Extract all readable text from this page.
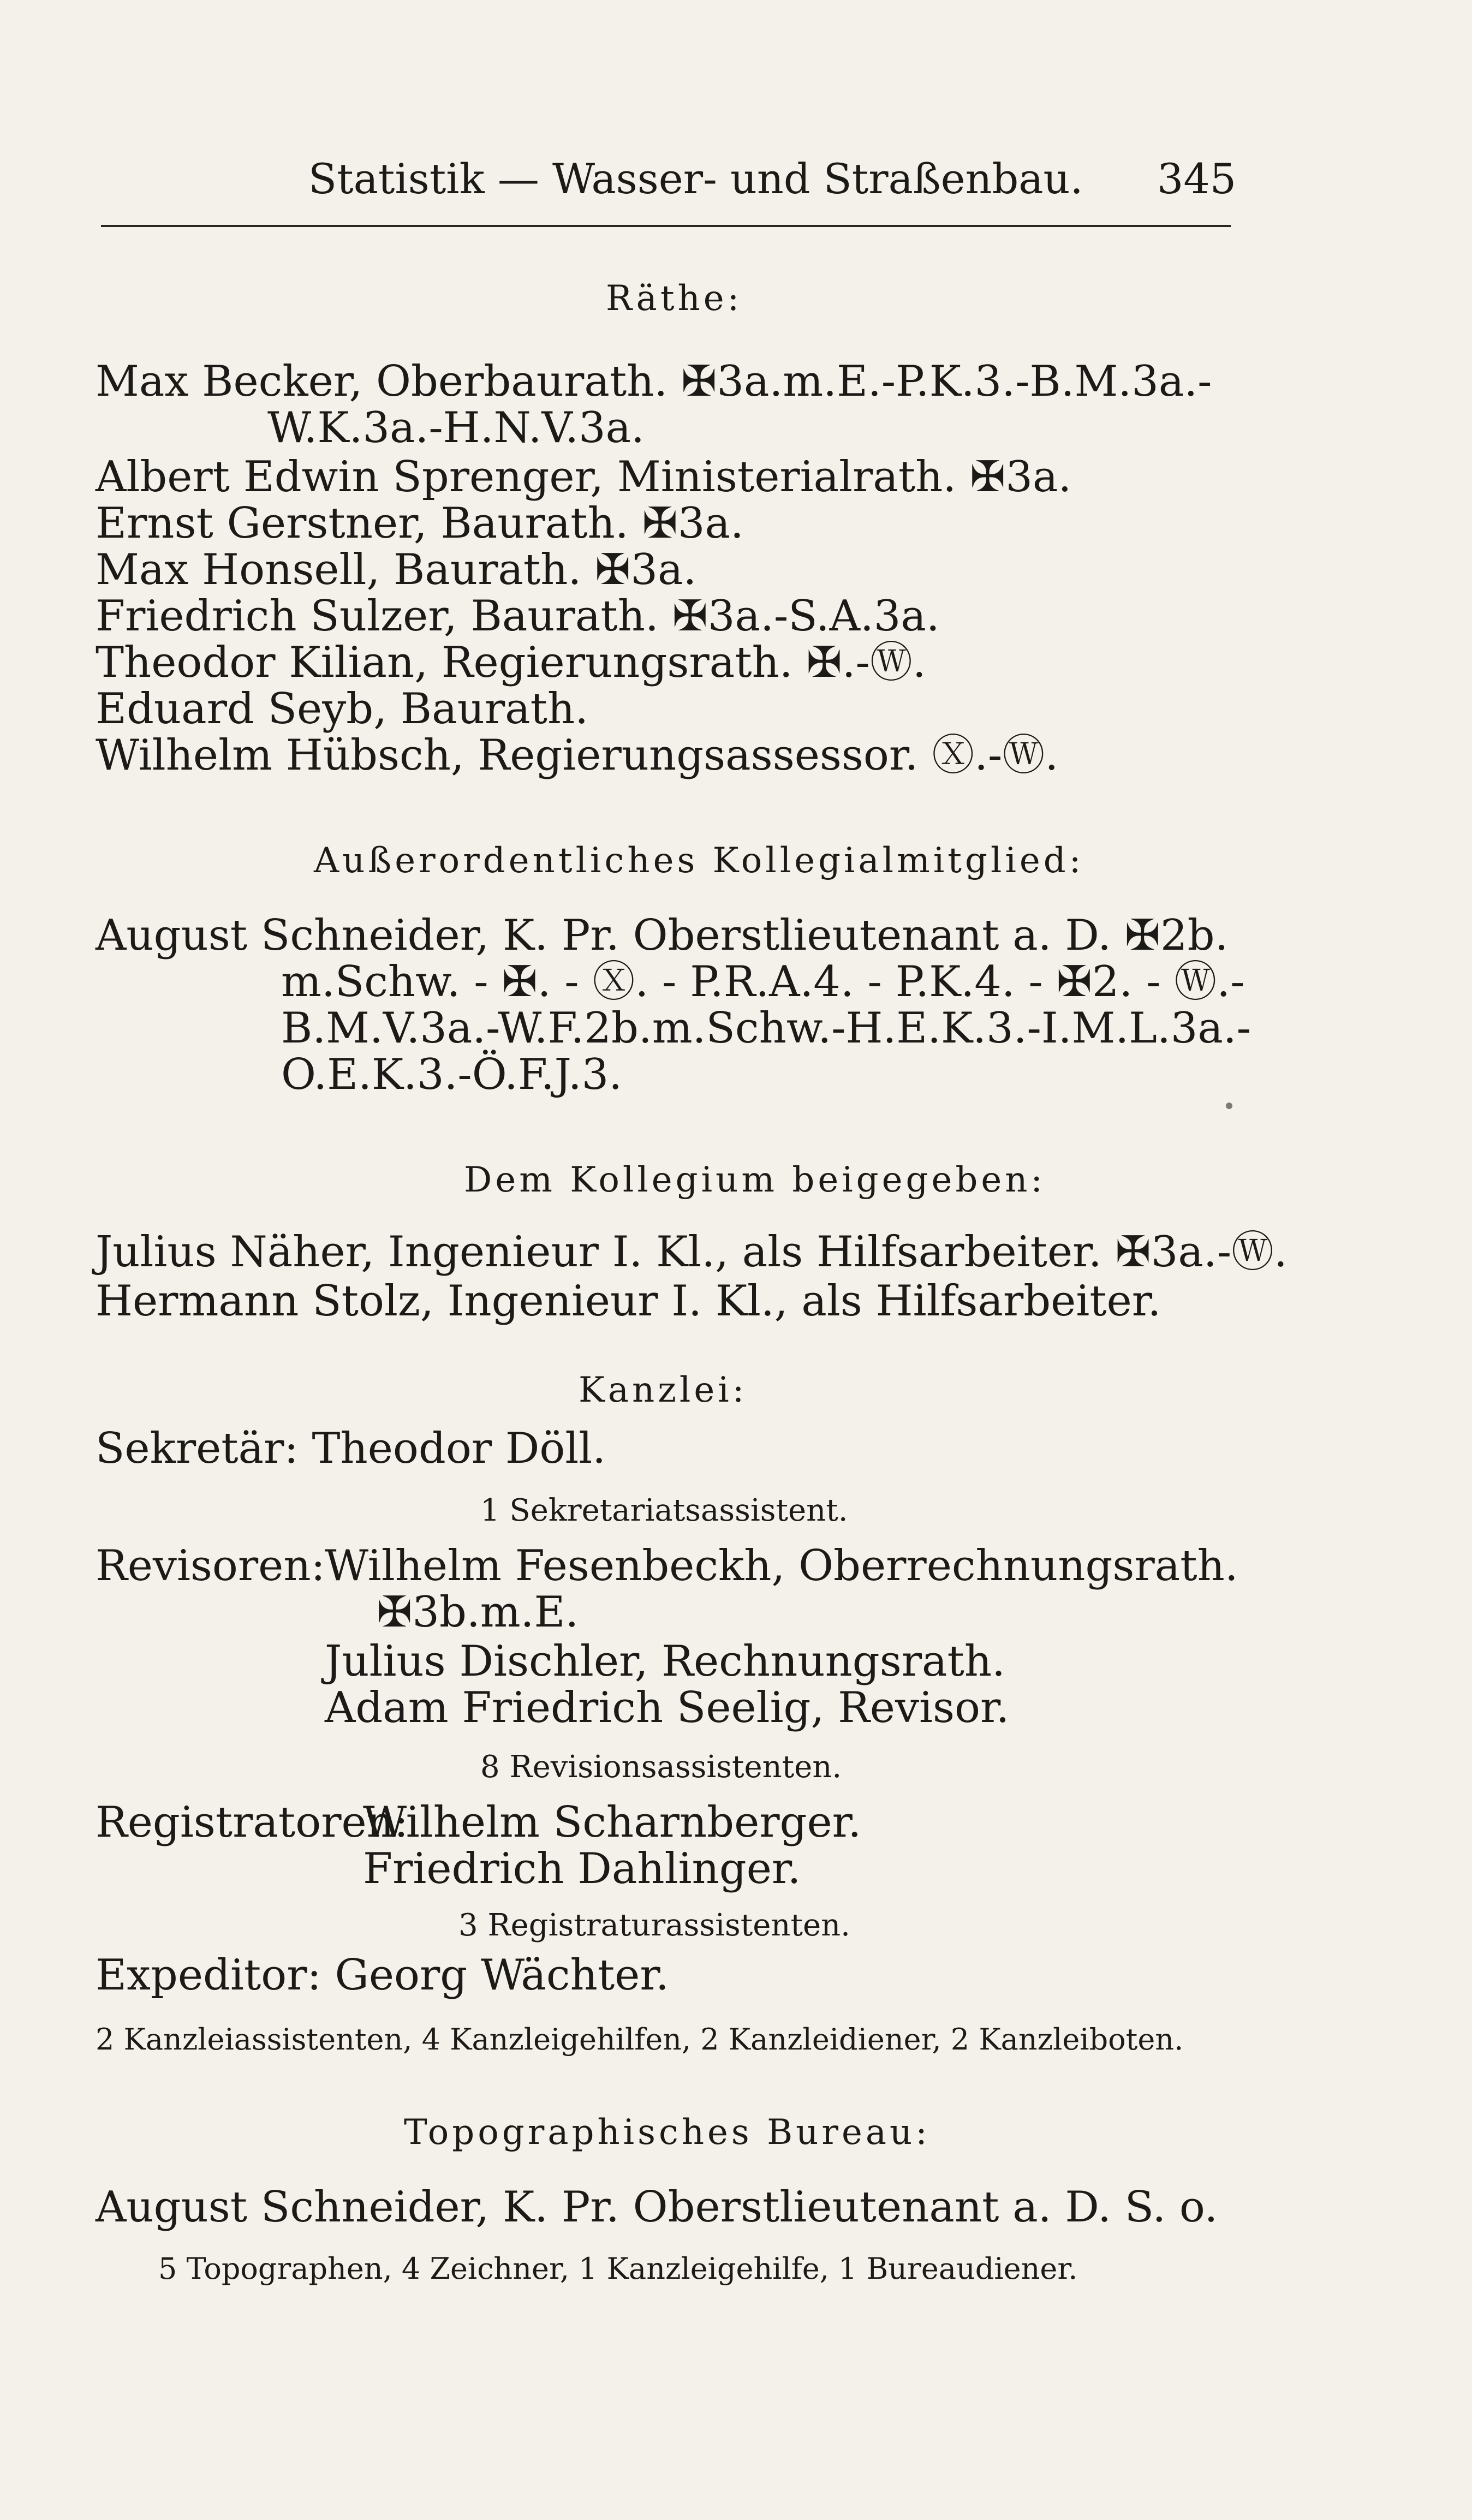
Statistik — Wasser- und Straßenbau. 345
Räthe:
Max Becker, Oberbaurath. ✠3a.m.E.-P.K.3.-B.M.3a.-
W.K.3a.-H.N.V.3a.
Albert Edwin Sprenger, Ministerialrath. ✠3a.
Ernst Gerstner, Baurath. ✠3a.
Max Honsell, Baurath. ✠3a.
Friedrich Sulzer, Baurath. ✠3a.-S.A.3a.
Theodor Kilian, Regierungsrath. ✠.-Ⓦ.
Eduard Seyb, Baurath.
Wilhelm Hübsch, Regierungsassessor. Ⓧ.-Ⓦ.
Außerordentliches Kollegialmitglied:
August Schneider, K. Pr. Oberstlieutenant a. D. ✠2b.
m.Schw. - ✠. - Ⓧ. - P.R.A.4. - P.K.4. - ✠2. - Ⓦ.-
B.M.V.3a.-W.F.2b.m.Schw.-H.E.K.3.-I.M.L.3a.-
O.E.K.3.-Ö.F.J.3.
Dem Kollegium beigegeben:
Julius Näher, Ingenieur I. Kl., als Hilfsarbeiter. ✠3a.-Ⓦ.
Hermann Stolz, Ingenieur I. Kl., als Hilfsarbeiter.
Kanzlei:
Sekretär: Theodor Döll.
1 Sekretariatsassistent.
Revisoren: Wilhelm Fesenbeckh, Oberrechnungsrath.
✠3b.m.E.
Julius Dischler, Rechnungsrath.
Adam Friedrich Seelig, Revisor.
8 Revisionsassistenten.
Registratoren:
Wilhelm Scharnberger.
Friedrich Dahlinger.
3 Registraturassistenten.
Expeditor: Georg Wächter.
2 Kanzleiassistenten, 4 Kanzleigehilfen, 2 Kanzleidiener, 2 Kanzleiboten.
Topographisches Bureau:
August Schneider, K. Pr. Oberstlieutenant a. D. S. o.
5 Topographen, 4 Zeichner, 1 Kanzleigehilfe, 1 Bureaudiener.
